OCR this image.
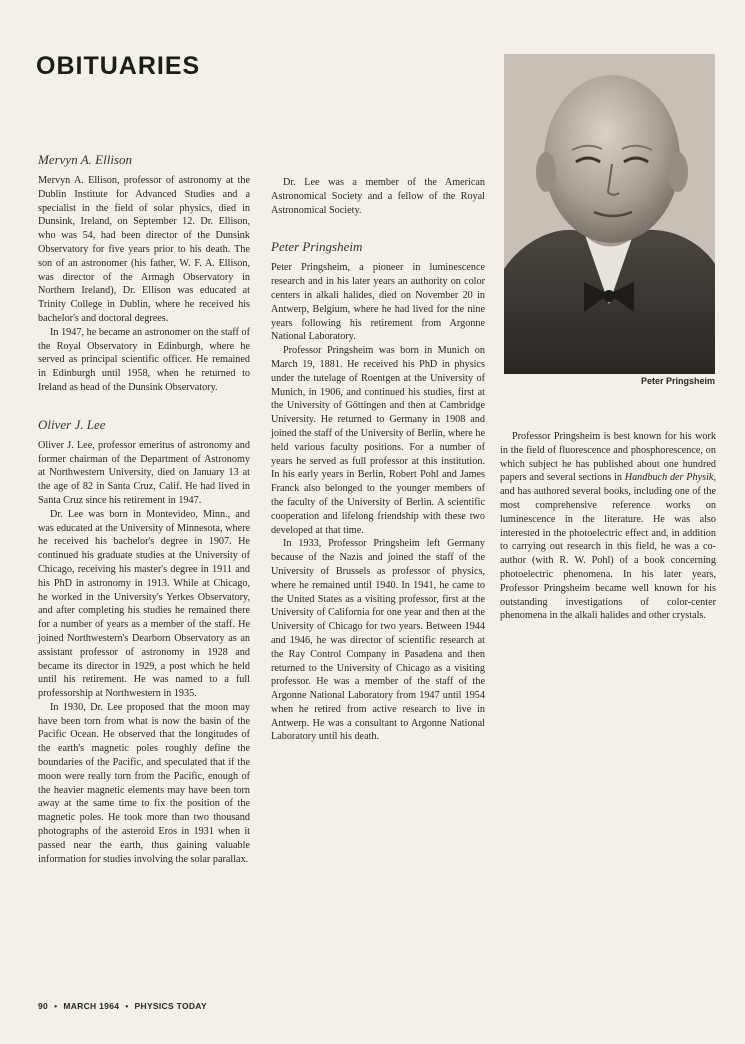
OBITUARIES
Mervyn A. Ellison

Mervyn A. Ellison, professor of astronomy at the Dublin Institute for Advanced Studies and a specialist in the field of solar physics, died in Dunsink, Ireland, on September 12. Dr. Ellison, who was 54, had been director of the Dunsink Observatory for five years prior to his death. The son of an astronomer (his father, W. F. A. Ellison, was director of the Armagh Observatory in Northern Ireland), Dr. Ellison was educated at Trinity College in Dublin, where he received his bachelor's and doctoral degrees.

In 1947, he became an astronomer on the staff of the Royal Observatory in Edinburgh, where he served as principal scientific officer. He remained in Edinburgh until 1958, when he returned to Ireland as head of the Dunsink Observatory.

Oliver J. Lee

Oliver J. Lee, professor emeritus of astronomy and former chairman of the Department of Astronomy at Northwestern University, died on January 13 at the age of 82 in Santa Cruz, Calif. He had lived in Santa Cruz since his retirement in 1947.

Dr. Lee was born in Montevideo, Minn., and was educated at the University of Minnesota, where he received his bachelor's degree in 1907. He continued his graduate studies at the University of Chicago, receiving his master's degree in 1911 and his PhD in astronomy in 1913. While at Chicago, he worked in the University's Yerkes Observatory, and after completing his studies he remained there for a number of years as a member of the staff. He joined Northwestern's Dearborn Observatory as an assistant professor of astronomy in 1928 and became its director in 1929, a post which he held until his retirement. He was named to a full professorship at Northwestern in 1935.

In 1930, Dr. Lee proposed that the moon may have been torn from what is now the basin of the Pacific Ocean. He observed that the longitudes of the earth's magnetic poles roughly define the boundaries of the Pacific, and speculated that if the moon were really torn from the Pacific, enough of the heavier magnetic elements may have been torn away at the same time to fix the position of the magnetic poles. He took more than two thousand photographs of the asteroid Eros in 1931 when it passed near the earth, thus gaining valuable information for studies involving the solar parallax.

Dr. Lee was a member of the American Astronomical Society and a fellow of the Royal Astronomical Society.

Peter Pringsheim

Peter Pringsheim, a pioneer in luminescence research and in his later years an authority on color centers in alkali halides, died on November 20 in Antwerp, Belgium, where he had lived for the nine years following his retirement from Argonne National Laboratory.

Professor Pringsheim was born in Munich on March 19, 1881. He received his PhD in physics under the tutelage of Roentgen at the University of Munich, in 1906, and continued his studies, first at the University of Göttingen and then at Cambridge University. He returned to Germany in 1908 and joined the staff of the University of Berlin, where he held various faculty positions. For a number of years he served as full professor at this institution. In his early years in Berlin, Robert Pohl and James Franck also belonged to the younger members of the faculty of the University of Berlin. A scientific cooperation and lifelong friendship with these two developed at that time.

In 1933, Professor Pringsheim left Germany because of the Nazis and joined the staff of the University of Brussels as professor of physics, where he remained until 1940. In 1941, he came to the United States as a visiting professor, first at the University of California for one year and then at the University of Chicago for two years. Between 1944 and 1946, he was director of scientific research at the Ray Control Company in Pasadena and then returned to the University of Chicago as a visiting professor. He was a member of the staff of the Argonne National Laboratory from 1947 until 1954 when he retired from active research to live in Antwerp. He was a consultant to Argonne National Laboratory until his death.

Peter Pringsheim

Professor Pringsheim is best known for his work in the field of fluorescence and phosphorescence, on which subject he has published about one hundred papers and several sections in Handbuch der Physik, and has authored several books, including one of the most comprehensive reference works on luminescence in the literature. He was also interested in the photoelectric effect and, in addition to carrying out research in this field, he was a co-author (with R. W. Pohl) of a book concerning photoelectric phenomena. In his later years, Professor Pringsheim became well known for his outstanding investigations of color-center phenomena in the alkali halides and other crystals.

90 • MARCH 1964 • PHYSICS TODAY
